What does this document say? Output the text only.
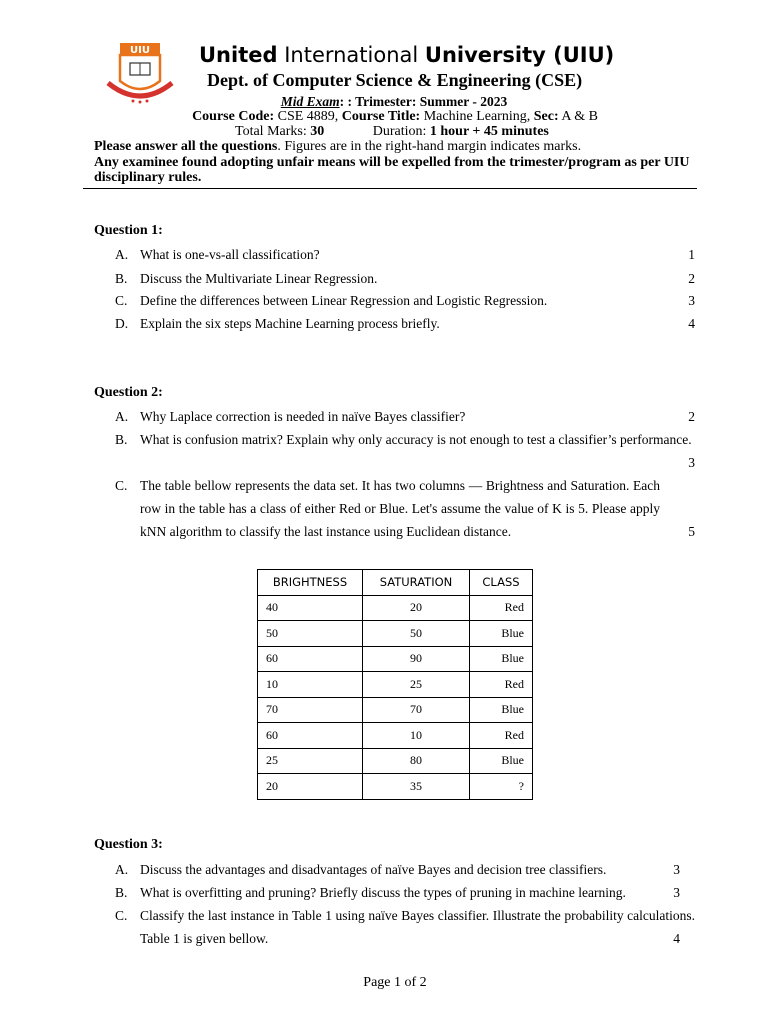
UIU United International University (UIU)
Dept. of Computer Science & Engineering (CSE)
Mid Exam: : Trimester: Summer - 2023
Course Code: CSE 4889, Course Title: Machine Learning, Sec: A & B
Total Marks: 30	Duration: 1 hour + 45 minutes
Please answer all the questions. Figures are in the right-hand margin indicates marks.
Any examinee found adopting unfair means will be expelled from the trimester/program as per UIU disciplinary rules.
Question 1:
A. What is one-vs-all classification?	1
B. Discuss the Multivariate Linear Regression.	2
C. Define the differences between Linear Regression and Logistic Regression.	3
D. Explain the six steps Machine Learning process briefly.	4
Question 2:
A. Why Laplace correction is needed in naïve Bayes classifier?	2
B. What is confusion matrix? Explain why only accuracy is not enough to test a classifier’s performance.
3
C. The table bellow represents the data set. It has two columns — Brightness and Saturation. Each row in the table has a class of either Red or Blue. Let's assume the value of K is 5. Please apply kNN algorithm to classify the last instance using Euclidean distance.	5
BRIGHTNESS	SATURATION	CLASS
40	20	Red
50	50	Blue
60	90	Blue
10	25	Red
70	70	Blue
60	10	Red
25	80	Blue
20	35	?
Question 3:
A. Discuss the advantages and disadvantages of naïve Bayes and decision tree classifiers.	3
B. What is overfitting and pruning? Briefly discuss the types of pruning in machine learning.	3
C. Classify the last instance in Table 1 using naïve Bayes classifier. Illustrate the probability calculations. Table 1 is given bellow.	4
Page 1 of 2
